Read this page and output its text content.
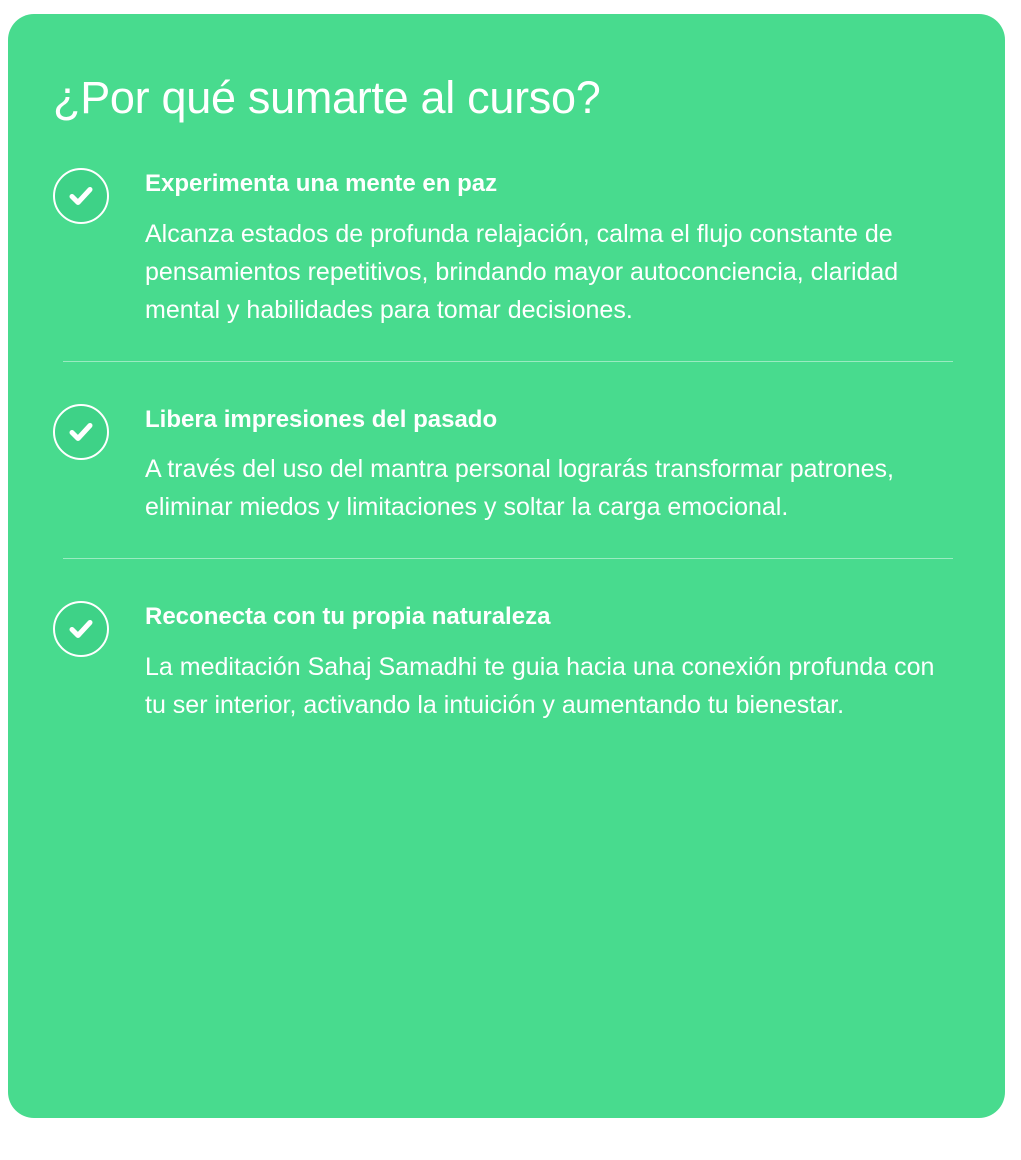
¿Por qué sumarte al curso?
Experimenta una mente en paz

Alcanza estados de profunda relajación, calma el flujo constante de pensamientos repetitivos, brindando mayor autoconciencia, claridad mental y habilidades para tomar decisiones.

Libera impresiones del pasado

A través del uso del mantra personal lograrás transformar patrones, eliminar miedos y limitaciones y soltar la carga emocional.

Reconecta con tu propia naturaleza

La meditación Sahaj Samadhi te guia hacia una conexión profunda con tu ser interior, activando la intuición y aumentando tu bienestar.
